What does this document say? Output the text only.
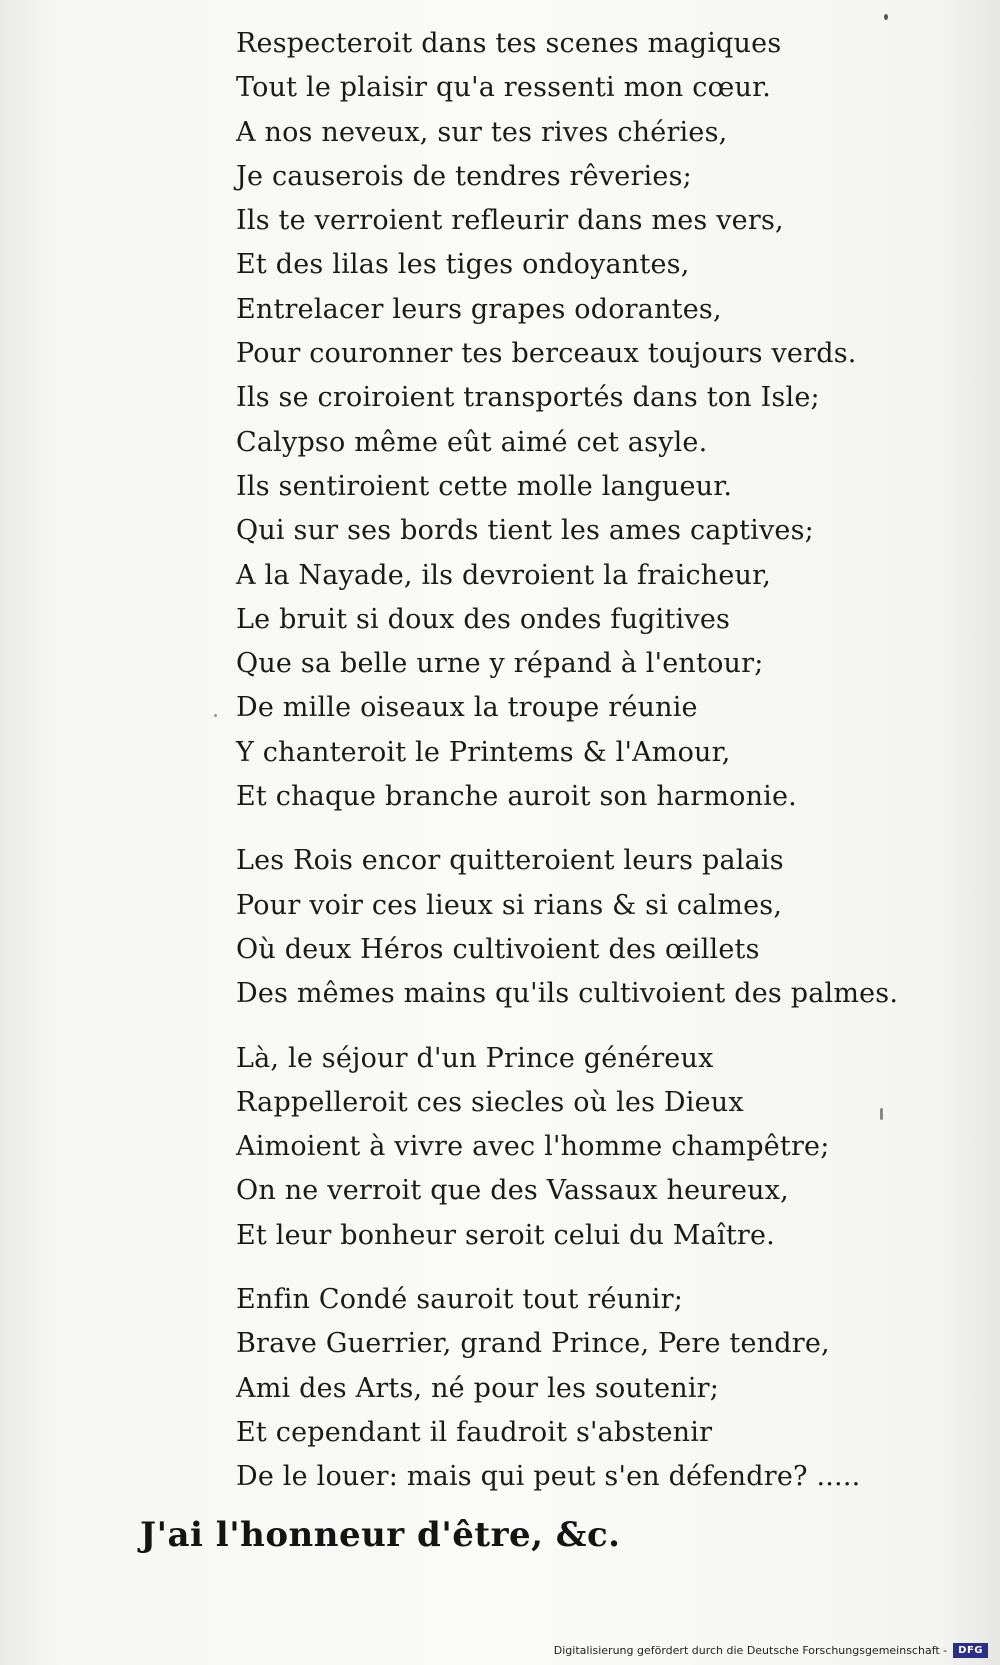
Respecteroit dans tes scenes magiques
Tout le plaisir qu'a ressenti mon cœur.
A nos neveux, sur tes rives chéries,
Je causerois de tendres rêveries;
Ils te verroient refleurir dans mes vers,
Et des lilas les tiges ondoyantes,
Entrelacer leurs grapes odorantes,
Pour couronner tes berceaux toujours verds.
Ils se croiroient transportés dans ton Isle;
Calypso même eût aimé cet asyle.
Ils sentiroient cette molle langueur.
Qui sur ses bords tient les ames captives;
A la Nayade, ils devroient la fraicheur,
Le bruit si doux des ondes fugitives
Que sa belle urne y répand à l'entour;
De mille oiseaux la troupe réunie
Y chanteroit le Printems & l'Amour,
Et chaque branche auroit son harmonie.
Les Rois encor quitteroient leurs palais
Pour voir ces lieux si rians & si calmes,
Où deux Héros cultivoient des œillets
Des mêmes mains qu'ils cultivoient des palmes.
Là, le séjour d'un Prince généreux
Rappelleroit ces siecles où les Dieux
Aimoient à vivre avec l'homme champêtre;
On ne verroit que des Vassaux heureux,
Et leur bonheur seroit celui du Maître.
Enfin Condé sauroit tout réunir;
Brave Guerrier, grand Prince, Pere tendre,
Ami des Arts, né pour les soutenir;
Et cependant il faudroit s'abstenir
De le louer: mais qui peut s'en défendre? .....
J'ai l'honneur d'être, &c.
Digitalisierung gefördert durch die Deutsche Forschungsgemeinschaft -	DFG
